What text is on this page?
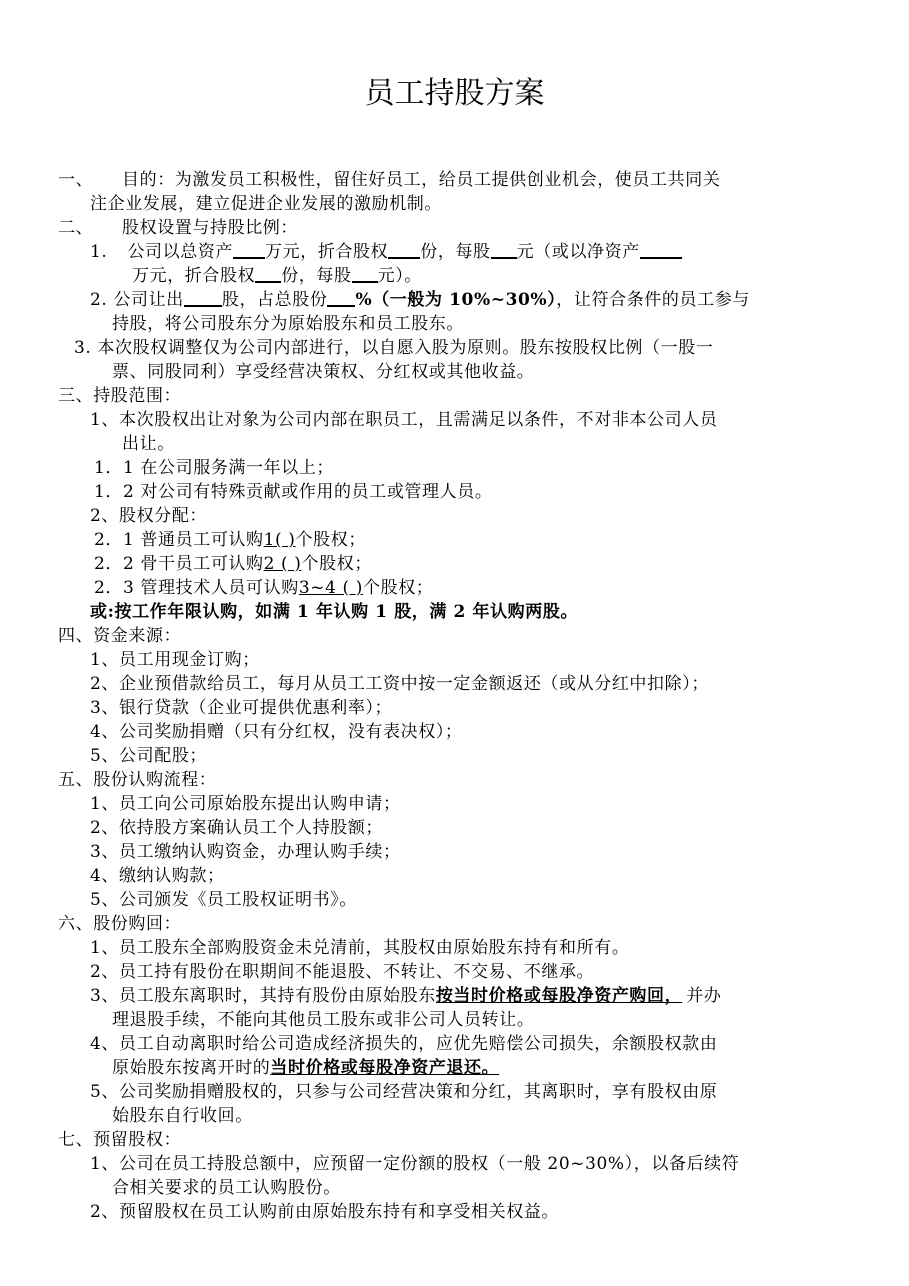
员工持股方案
一、 目的：为激发员工积极性，留住好员工，给员工提供创业机会，使员工共同关
注企业发展，建立促进企业发展的激励机制。
二、 股权设置与持股比例：
1. 公司以总资产 万元，折合股权 份，每股 元（或以净资产
万元，折合股权 份，每股 元）。
2. 公司让出 股，占总股份 %（一般为 10%~30%），让符合条件的员工参与
持股，将公司股东分为原始股东和员工股东。
3. 本次股权调整仅为公司内部进行，以自愿入股为原则。股东按股权比例（一股一
票、同股同利）享受经营决策权、分红权或其他收益。
三、持股范围：
1、本次股权出让对象为公司内部在职员工，且需满足以条件，不对非本公司人员
出让。
1．1 在公司服务满一年以上；
1．2 对公司有特殊贡献或作用的员工或管理人员。
2、股权分配：
2．1 普通员工可认购1( )个股权；
2．2 骨干员工可认购2 ( )个股权；
2．3 管理技术人员可认购3~4 ( )个股权；
或:按工作年限认购，如满 1 年认购 1 股，满 2 年认购两股。
四、资金来源：
1、员工用现金订购；
2、企业预借款给员工，每月从员工工资中按一定金额返还（或从分红中扣除）；
3、银行贷款（企业可提供优惠利率）；
4、公司奖励捐赠（只有分红权，没有表决权）；
5、公司配股；
五、股份认购流程：
1、员工向公司原始股东提出认购申请；
2、依持股方案确认员工个人持股额；
3、员工缴纳认购资金，办理认购手续；
4、缴纳认购款；
5、公司颁发《员工股权证明书》。
六、股份购回：
1、员工股东全部购股资金未兑清前，其股权由原始股东持有和所有。
2、员工持有股份在职期间不能退股、不转让、不交易、不继承。
3、员工股东离职时，其持有股份由原始股东按当时价格或每股净资产购回， 并办
理退股手续，不能向其他员工股东或非公司人员转让。
4、员工自动离职时给公司造成经济损失的，应优先赔偿公司损失，余额股权款由
原始股东按离开时的当时价格或每股净资产退还。
5、公司奖励捐赠股权的，只参与公司经营决策和分红，其离职时，享有股权由原
始股东自行收回。
七、预留股权：
1、公司在员工持股总额中，应预留一定份额的股权（一般 20~30%），以备后续符
合相关要求的员工认购股份。
2、预留股权在员工认购前由原始股东持有和享受相关权益。
